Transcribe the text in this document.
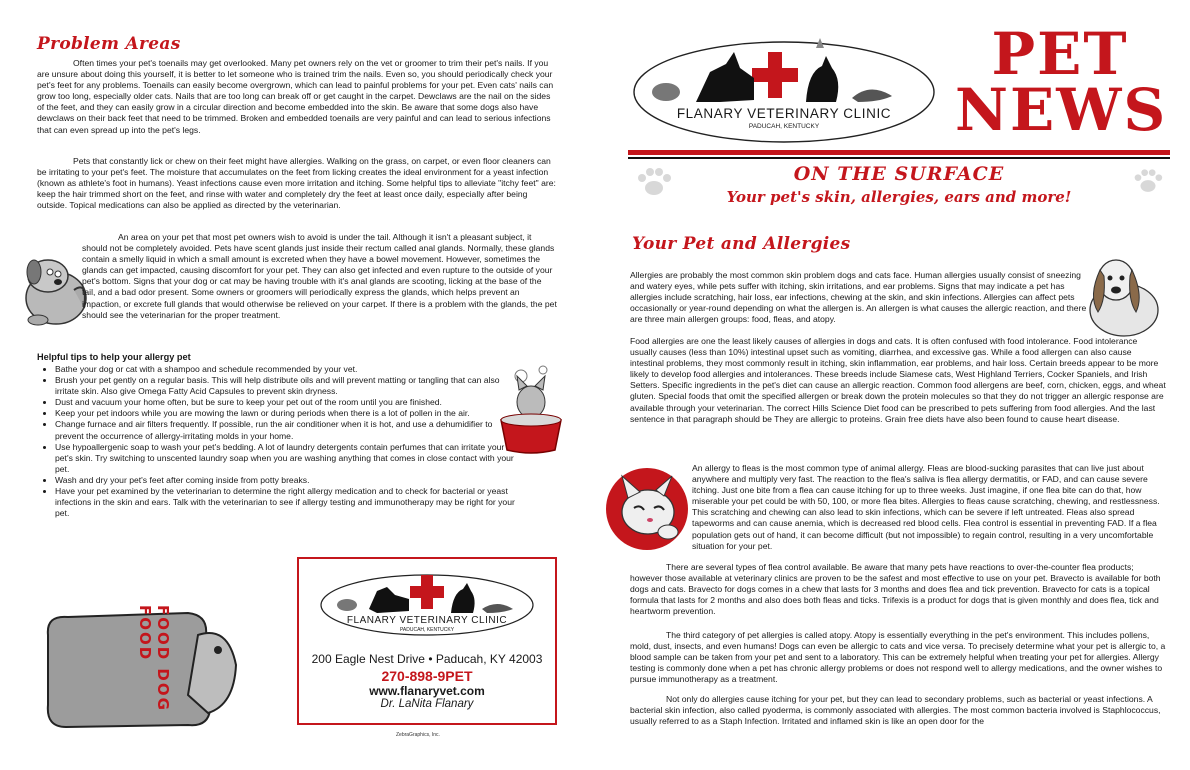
Problem Areas

Often times your pet's toenails may get overlooked. Many pet owners rely on the vet or groomer to trim their pet's nails. If you are unsure about doing this yourself, it is better to let someone who is trained trim the nails. Even so, you should periodically check your pet's feet for any problems. Toenails can easily become overgrown, which can lead to painful problems for your pet. Even cats' nails can grow too long, especially older cats. Nails that are too long can break off or get caught in the carpet. Dewclaws are the nail on the sides of the feet, and they can easily grow in a circular direction and become embedded into the skin. Be aware that some dogs also have dewclaws on their back feet that need to be trimmed. Broken and embedded toenails are very painful and can lead to serious infections that can even spread up into the pet's legs.

Pets that constantly lick or chew on their feet might have allergies. Walking on the grass, on carpet, or even floor cleaners can be irritating to your pet's feet. The moisture that accumulates on the feet from licking creates the ideal environment for a yeast infection (known as athlete's foot in humans). Yeast infections cause even more irritation and itching. Some helpful tips to alleviate "itchy feet" are: keep the hair trimmed short on the feet, and rinse with water and completely dry the feet at least once daily, especially after being outside. Topical medications can also be applied as directed by the veterinarian.

An area on your pet that most pet owners wish to avoid is under the tail. Although it isn't a pleasant subject, it should not be completely avoided. Pets have scent glands just inside their rectum called anal glands. Normally, these glands contain a smelly liquid in which a small amount is excreted when they have a bowel movement. However, sometimes the glands can get impacted, causing discomfort for your pet. They can also get infected and even rupture to the outside of your pet's bottom. Signs that your dog or cat may be having trouble with it's anal glands are scooting, licking at the base of the tail, and a bad odor present. Some owners or groomers will periodically express the glands, which helps prevent an impaction, or excrete full glands that would otherwise be relieved on your carpet. If there is a problem with the glands, the pet should see the veterinarian for the proper treatment.

Helpful tips to help your allergy pet
• Bathe your dog or cat with a shampoo and schedule recommended by your vet.
• Brush your pet gently on a regular basis. This will help distribute oils and will prevent matting or tangling that can also irritate skin. Also give Omega Fatty Acid Capsules to prevent skin dryness.
• Dust and vacuum your home often, but be sure to keep your pet out of the room until you are finished.
• Keep your pet indoors while you are mowing the lawn or during periods when there is a lot of pollen in the air.
• Change furnace and air filters frequently. If possible, run the air conditioner when it is hot, and use a dehumidifier to prevent the occurrence of allergy-irritating molds in your home.
• Use hypoallergenic soap to wash your pet's bedding. A lot of laundry detergents contain perfumes that can irritate your pet's skin. Try switching to unscented laundry soap when you are washing anything that comes in close contact with your pet.
• Wash and dry your pet's feet after coming inside from potty breaks.
• Have your pet examined by the veterinarian to determine the right allergy medication and to check for bacterial or yeast infections in the skin and ears. Talk with the veterinarian to see if allergy testing and immunotherapy may be right for your pet.
FOOD DOG FOOD	FLANARY VETERINARY CLINIC
PADUCAH, KENTUCKY
200 Eagle Nest Drive • Paducah, KY 42003
270-898-9PET
www.flanaryvet.com
Dr. LaNita Flanary
ZebraGraphics, Inc.
FLANARY VETERINARY CLINIC
PADUCAH, KENTUCKY
PET
NEWS
ON THE SURFACE
Your pet's skin, allergies, ears and more!
Your Pet and Allergies

Allergies are probably the most common skin problem dogs and cats face. Human allergies usually consist of sneezing and watery eyes, while pets suffer with itching, skin irritations, and ear problems. Signs that may indicate a pet has allergies include scratching, hair loss, ear infections, chewing at the skin, and skin infections. Allergies can affect pets occasionally or year-round depending on what the allergen is. An allergen is what causes the allergic reaction, and there are three main allergen groups: food, fleas, and atopy.

Food allergies are one the least likely causes of allergies in dogs and cats. It is often confused with food intolerance. Food intolerance usually causes (less than 10%) intestinal upset such as vomiting, diarrhea, and excessive gas. While a food allergen can also cause intestinal problems, they most commonly result in itching, skin inflammation, ear problems, and hair loss. Certain breeds appear to be more likely to develop food allergies and intolerances. These breeds include Siamese cats, West Highland Terriers, Cocker Spaniels, and Irish Setters. Specific ingredients in the pet's diet can cause an allergic reaction. Common food allergens are beef, corn, chicken, eggs, and wheat gluten. Special foods that omit the specified allergen or break down the protein molecules so that they do not trigger an allergic response are available through your veterinarian. The correct Hills Science Diet food can be prescribed to pets suffering from food allergies. And the last sentence in that paragraph should be They are allergic to proteins. Grain free diets have also been found to cause heart disease.

An allergy to fleas is the most common type of animal allergy. Fleas are blood-sucking parasites that can live just about anywhere and multiply very fast. The reaction to the flea's saliva is flea allergy dermatitis, or FAD, and can cause severe itching. Just one bite from a flea can cause itching for up to three weeks. Just imagine, if one flea bite can do that, how miserable your pet could be with 50, 100, or more flea bites. Allergies to fleas cause scratching, chewing, and restlessness. This scratching and chewing can also lead to skin infections, which can be severe if left untreated. Fleas also spread tapeworms and can cause anemia, which is decreased red blood cells. Flea control is essential in preventing FAD. If a flea population gets out of hand, it can become difficult (but not impossible) to regain control, resulting in a very uncomfortable situation for your pet.

There are several types of flea control available. Be aware that many pets have reactions to over-the-counter flea products; however those available at veterinary clinics are proven to be the safest and most effective to use on your pet. Bravecto is available for both dogs and cats. Bravecto for dogs comes in a chew that lasts for 3 months and does flea and tick prevention. Bravecto for cats is a topical formula that lasts for 2 months and also does both fleas and ticks. Trifexis is a product for dogs that is given monthly and does flea, tick and heartworm prevention.

The third category of pet allergies is called atopy. Atopy is essentially everything in the pet's environment. This includes pollens, mold, dust, insects, and even humans! Dogs can even be allergic to cats and vice versa. To precisely determine what your pet is allergic to, a blood sample can be taken from your pet and sent to a laboratory. This can be extremely helpful when treating your pet for allergies. Allergy testing is commonly done when a pet has chronic allergy problems or does not respond well to allergy medications, and the owner wishes to pursue immunotherapy as a treatment.

Not only do allergies cause itching for your pet, but they can lead to secondary problems, such as bacterial or yeast infections. A bacterial skin infection, also called pyoderma, is commonly associated with allergies. The most common bacteria involved is Staphlococcus, usually referred to as a Staph Infection. Irritated and inflamed skin is like an open door for the
